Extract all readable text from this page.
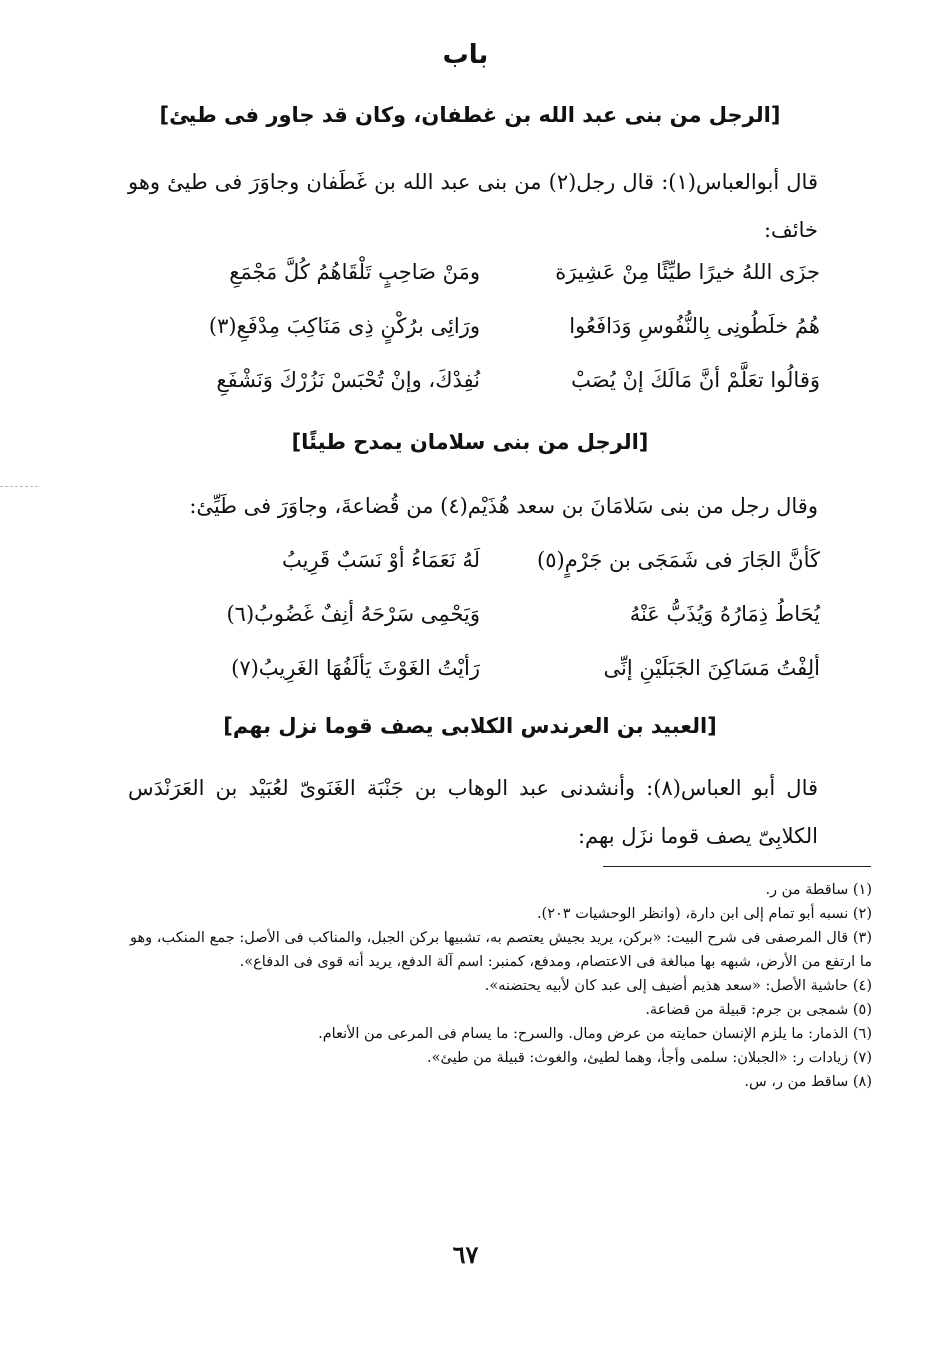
باب
[الرجل من بنى عبد الله بن غطفان، وكان قد جاور فى طيئ]
قال أبوالعباس(١): قال رجل(٢) من بنى عبد الله بن غَطَفان وجاوَرَ فى طيئ وهو خائف:
جزَى اللهُ خيرًا طيِّئًا مِنْ عَشِيرَة
ومَنْ صَاحِبٍ تَلْقَاهُمُ كُلَّ مَجْمَعِ
هُمُ خلَطُونِى بِالنُّفُوسِ وَدَافَعُوا
ورَائِى برُكْنٍ ذِى مَنَاكِبَ مِدْفَعِ(٣)
وَقالُوا تعَلَّمْ أنَّ مَالَكَ إنْ يُصَبْ
نُفِدْكَ، وإنْ تُحْبَسْ نَزُرْكَ وَنَشْفَعِ
[الرجل من بنى سلامان يمدح طيئًا]
وقال رجل من بنى سَلامَانَ بن سعد هُذَيْم(٤) من قُضاعةَ، وجاوَرَ فى طَيِّئ:
كَأنَّ الجَارَ فى شَمَجَى بن جَرْمٍ(٥)
لَهُ نَعَمَاءُ أوْ نَسَبٌ قَرِيبُ
يُحَاطُ ذِمَارُهُ وَيُذَبُّ عَنْهُ
وَيَحْمِى سَرْحَهُ أنِفٌ غَضُوبُ(٦)
ألِفْتُ مَسَاكِنَ الجَبَلَيْنِ إنِّى
رَأيْتُ الغَوْثَ يَألَفُهَا الغَرِيبُ(٧)
[العبيد بن العرندس الكلابى يصف قوما نزل بهم]
قال أبو العباس(٨): وأنشدنى عبد الوهاب بن جَنْبَة الغَنَوىّ لعُبَيْد بن العَرَنْدَس الكلابِىّ يصف قوما نزَل بهم:
(١) ساقطة من ر.
(٢) نسبه أبو تمام إلى ابن دارة، (وانظر الوحشيات ٢٠٣).
(٣) قال المرصفى فى شرح البيت: «بركن، يريد بجيش يعتصم به، تشبيها بركن الجبل، والمناكب فى الأصل: جمع المنكب، وهو ما ارتفع من الأرض، شبهه بها مبالغة فى الاعتصام، ومدفع، كمنبر: اسم آلة الدفع، يريد أنه قوى فى الدفاع».
(٤) حاشية الأصل: «سعد هذيم أضيف إلى عبد كان لأبيه يحتضنه».
(٥) شمجى بن جرم: قبيلة من قضاعة.
(٦) الذمار: ما يلزم الإنسان حمايته من عرض ومال. والسرح: ما يسام فى المرعى من الأنعام.
(٧) زيادات ر: «الجبلان: سلمى وأجأ، وهما لطيئ، والغوث: قبيلة من طيئ».
(٨) ساقط من ر، س.
٦٧
